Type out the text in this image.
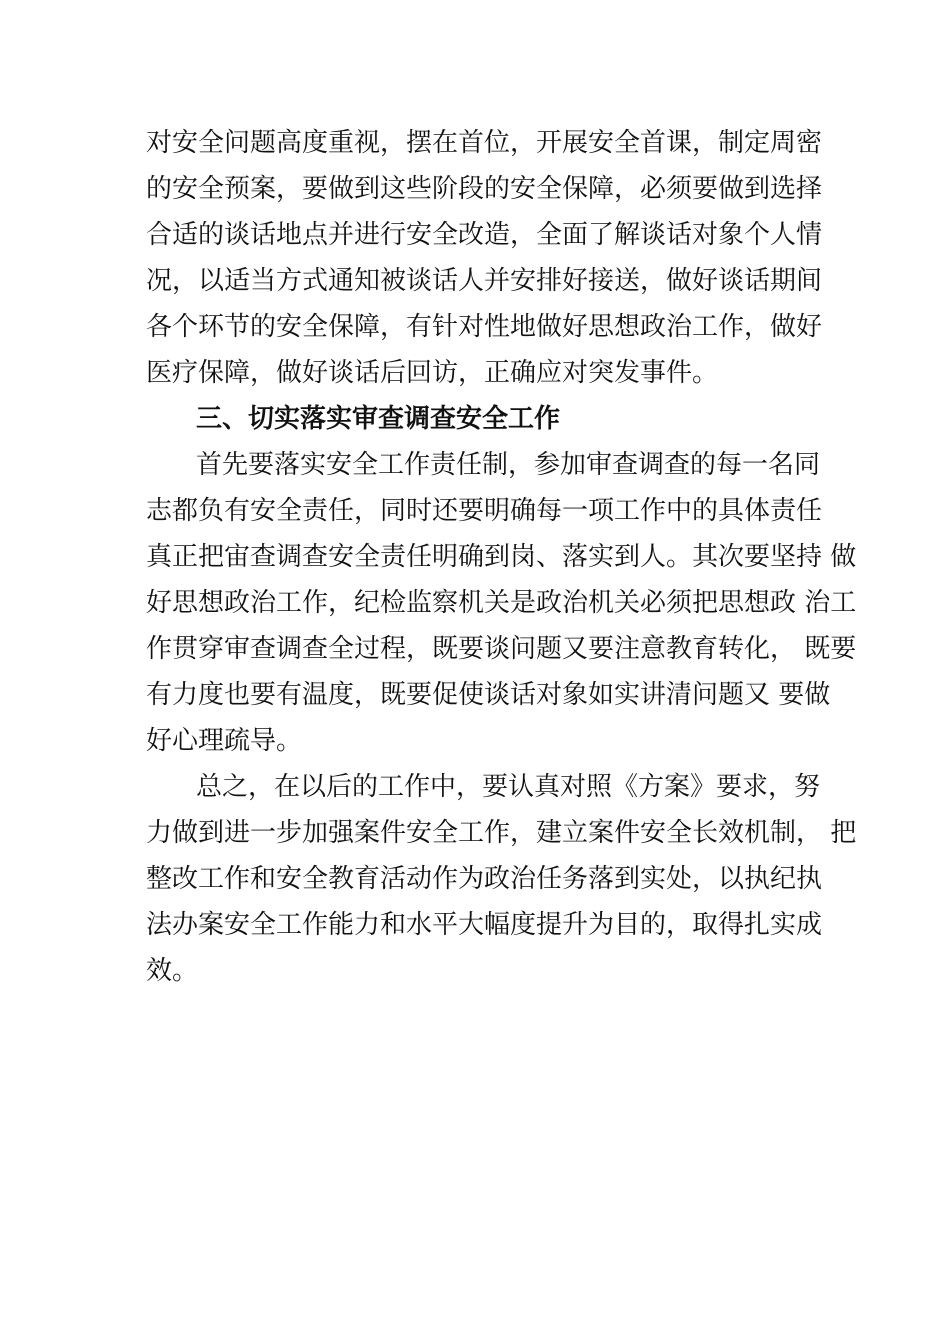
对安全问题高度重视，摆在首位，开展安全首课，制定周密
的安全预案，要做到这些阶段的安全保障，必须要做到选择
合适的谈话地点并进行安全改造，全面了解谈话对象个人情
况，以适当方式通知被谈话人并安排好接送，做好谈话期间
各个环节的安全保障，有针对性地做好思想政治工作，做好
医疗保障，做好谈话后回访，正确应对突发事件。
三、切实落实审查调查安全工作
首先要落实安全工作责任制，参加审查调查的每一名同
志都负有安全责任，同时还要明确每一项工作中的具体责任
真正把宙查调查安全责任明确到岗、落实到人。其次要坚持 做
好思想政治工作，纪检监察机关是政治机关必须把思想政 治工
作贯穿审查调查全过程，既要谈问题又要注意教育转化， 既要
有力度也要有温度，既要促使谈话对象如实讲清问题又 要做
好心理疏导。
总之，在以后的工作中，要认真对照《方案》要求，努
力做到进一步加强案件安全工作，建立案件安全长效机制， 把
整改工作和安全教育活动作为政治任务落到实处，以执纪执
法办案安全工作能力和水平大幅度提升为目的，取得扎实成
效。
